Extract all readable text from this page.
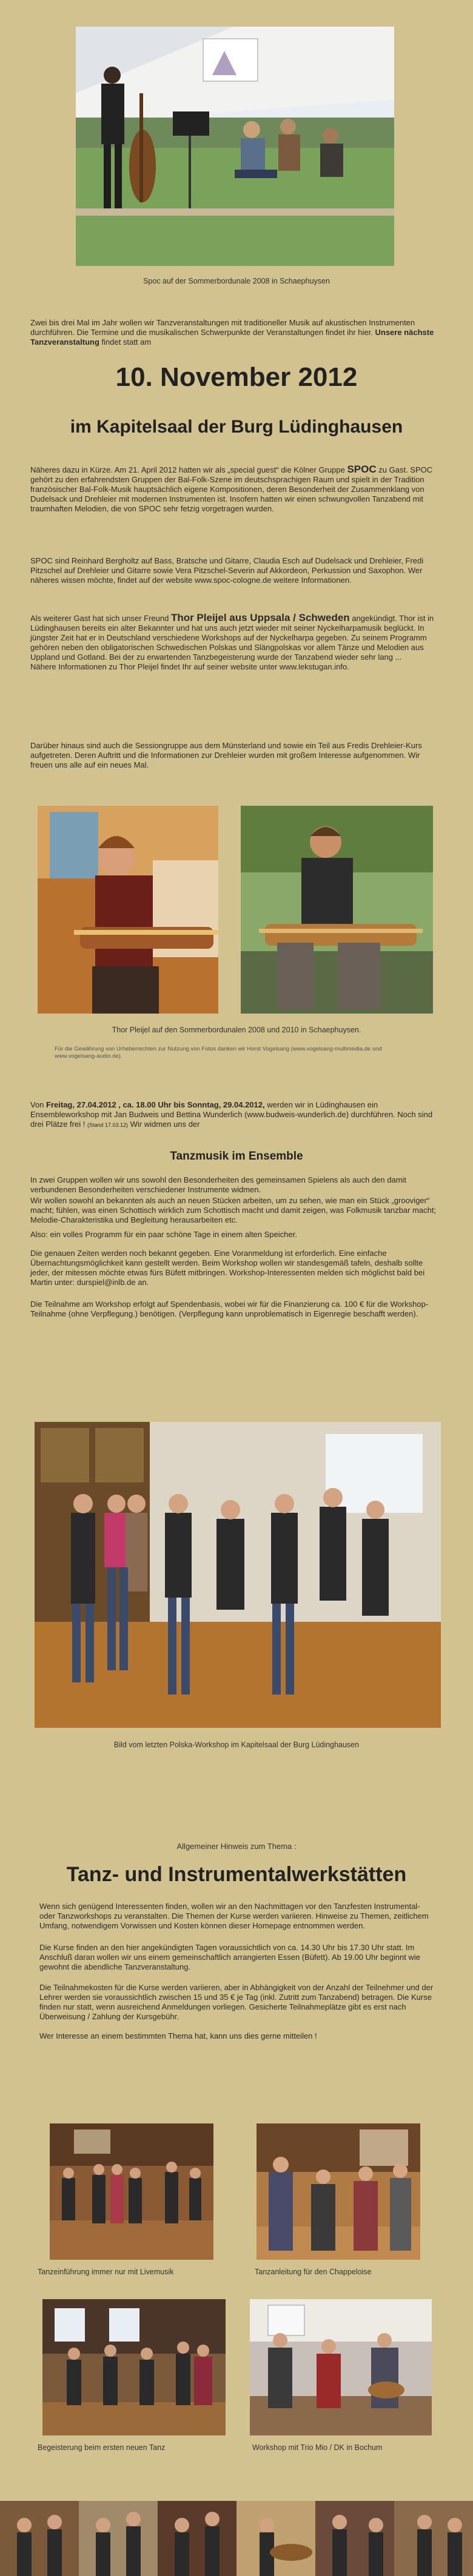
Spoc auf der Sommerbordunale 2008 in Schaephuysen

Zwei bis drei Mal im Jahr wollen wir Tanzveranstaltungen mit traditioneller Musik auf akustischen Instrumenten durchführen. Die Termine und die musikalischen Schwerpunkte der Veranstaltungen findet ihr hier. Unsere nächste Tanzveranstaltung findet statt am

10. November 2012
im Kapitelsaal der Burg Lüdinghausen

Näheres dazu in Kürze. Am 21. April 2012 hatten wir als „special guest“ die Kölner Gruppe SPOC zu Gast. SPOC gehört zu den erfahrendsten Gruppen der Bal-Folk-Szene im deutschsprachigen Raum und spielt in der Tradition französischer Bal-Folk-Musik hauptsächlich eigene Kompositionen, deren Besonderheit der Zusammenklang von Dudelsack und Drehleier mit modernen Instrumenten ist. Insofern hatten wir einen schwungvollen Tanzabend mit traumhaften Melodien, die von SPOC sehr fetzig vorgetragen wurden.

SPOC sind Reinhard Bergholtz auf Bass, Bratsche und Gitarre, Claudia Esch auf Dudelsack und Drehleier, Fredi Pitzschel auf Drehleier und Gitarre sowie Vera Pitzschel-Severin auf Akkordeon, Perkussion und Saxophon. Wer näheres wissen möchte, findet auf der website www.spoc-cologne.de weitere Informationen.

Als weiterer Gast hat sich unser Freund Thor Pleijel aus Uppsala / Schweden angekündigt. Thor ist in Lüdinghausen bereits ein alter Bekannter und hat uns auch jetzt wieder mit seiner Nyckelharpamusik beglückt. In jüngster Zeit hat er in Deutschland verschiedene Workshops auf der Nyckelharpa gegeben. Zu seinem Programm gehören neben den obligatorischen Schwedischen Polskas und Slängpolskas vor allem Tänze und Melodien aus Uppland und Gotland. Bei der zu erwartenden Tanzbegeisterung wurde der Tanzabend wieder sehr lang ...
Nähere Informationen zu Thor Pleijel findet Ihr auf seiner website unter www.lekstugan.info.

Darüber hinaus sind auch die Sessiongruppe aus dem Münsterland und sowie ein Teil aus Fredis Drehleier-Kurs aufgetreten. Deren Auftritt und die Informationen zur Drehleier wurden mit großem Interesse aufgenommen. Wir freuen uns alle auf ein neues Mal.

Thor Pleijel auf den Sommerbordunalen 2008 und 2010 in Schaephuysen.
Für die Gewährung von Urheberrechten zur Nutzung von Fotos danken wir Horst Vogelsang (www.vogelsang-multimedia.de und www.vogelsang-audio.de).

Von Freitag, 27.04.2012 , ca. 18.00 Uhr bis Sonntag, 29.04.2012, werden wir in Lüdinghausen ein Ensembleworkshop mit Jan Budweis und Bettina Wunderlich (www.budweis-wunderlich.de) durchführen. Noch sind drei Plätze frei ! (Stand 17.03.12) Wir widmen uns der

Tanzmusik im Ensemble

In zwei Gruppen wollen wir uns sowohl den Besonderheiten des gemeinsamen Spielens als auch den damit verbundenen Besonderheiten verschiedener Instrumente widmen.

Wir wollen sowohl an bekannten als auch an neuen Stücken arbeiten, um zu sehen, wie man ein Stück „grooviger“ macht; fühlen, was einen Schottisch wirklich zum Schottisch macht und damit zeigen, was Folkmusik tanzbar macht; Melodie-Charakteristika und Begleitung herausarbeiten etc.

Also: ein volles Programm für ein paar schöne Tage in einem alten Speicher.

Die genauen Zeiten werden noch bekannt gegeben. Eine Voranmeldung ist erforderlich. Eine einfache Übernachtungsmöglichkeit kann gestellt werden. Beim Workshop wollen wir standesgemäß tafeln, deshalb sollte jeder, der mitessen möchte etwas fürs Büfett mitbringen. Workshop-Interessenten melden sich möglichst bald bei Martin unter: durspiel@inlb.de an.

Die Teilnahme am Workshop erfolgt auf Spendenbasis, wobei wir für die Finanzierung ca. 100 € für die Workshop-Teilnahme (ohne Verpflegung.) benötigen. (Verpflegung kann unproblematisch in Eigenregie beschafft werden).

Bild vom letzten Polska-Workshop im Kapitelsaal der Burg Lüdinghausen
Allgemeiner Hinweis zum Thema :
Tanz- und Instrumentalwerkstätten

Wenn sich genügend Interessenten finden, wollen wir an den Nachmittagen vor den Tanzfesten Instrumental- oder Tanzworkshops zu veranstalten. Die Themen der Kurse werden variieren. Hinweise zu Themen, zeitlichem Umfang, notwendigem Vorwissen und Kosten können dieser Homepage entnommen werden.

Die Kurse finden an den hier angekündigten Tagen voraussichtlich von ca. 14.30 Uhr bis 17.30 Uhr statt. Im Anschluß daran wollen wir uns einem gemeinschaftlich arrangierten Essen (Büfett). Ab 19.00 Uhr beginnt wie gewohnt die abendliche Tanzveranstaltung.

Die Teilnahmekosten für die Kurse werden variieren, aber in Abhängigkeit von der Anzahl der Teilnehmer und der Lehrer werden sie voraussichtlich zwischen 15 und 35 € je Tag (inkl. Zutritt zum Tanzabend) betragen. Die Kurse finden nur statt, wenn ausreichend Anmeldungen vorliegen. Gesicherte Teilnahmeplätze gibt es erst nach Überweisung / Zahlung der Kursgebühr.

Wer Interesse an einem bestimmten Thema hat, kann uns dies gerne mitteilen !

Tanzeinführung immer nur mit Livemusik	Tanzanleitung für den Chappeloise
Begeisterung beim ersten neuen Tanz	Workshop mit Trio Mio / DK in Bochum
